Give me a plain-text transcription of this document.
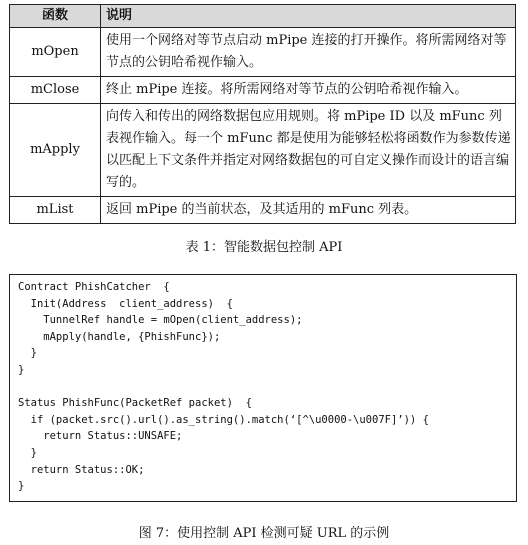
函数	说明
mOpen	使用一个网络对等节点启动 mPipe 连接的打开操作。将所需网络对等节点的公钥哈希视作输入。
mClose	终止 mPipe 连接。将所需网络对等节点的公钥哈希视作输入。
mApply	向传入和传出的网络数据包应用规则。将 mPipe ID 以及 mFunc 列表视作输入。每一个 mFunc 都是使用为能够轻松将函数作为参数传递以匹配上下文条件并指定对网络数据包的可自定义操作而设计的语言编写的。
mList	返回 mPipe 的当前状态，及其适用的 mFunc 列表。
表 1：智能数据包控制 API
Contract PhishCatcher  {
Init(Address  client_address)  {
TunnelRef handle = mOpen(client_address);
mApply(handle, {PhishFunc});
}
}

Status PhishFunc(PacketRef packet)  {
if (packet.src().url().as_string().match(‘[^\u0000-\u007F]’)) {
return Status::UNSAFE;
}
return Status::OK;
}
图 7：使用控制 API 检测可疑 URL 的示例
